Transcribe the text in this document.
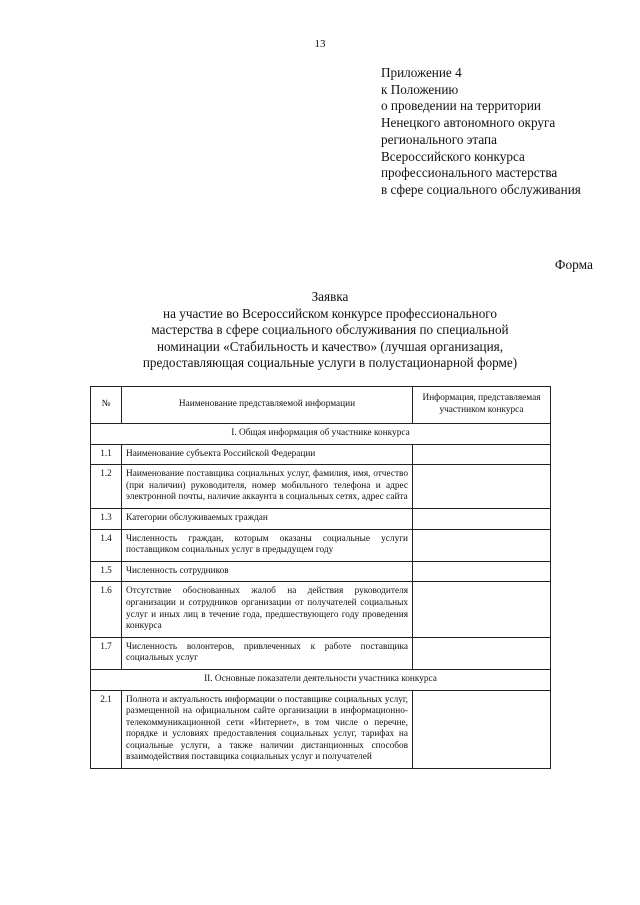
13
Приложение 4
к Положению
о проведении на территории
Ненецкого автономного округа
регионального этапа
Всероссийского конкурса
профессионального мастерства
в сфере социального обслуживания
Форма
Заявка
на участие во Всероссийском конкурсе профессионального
мастерства в сфере социального обслуживания по специальной
номинации «Стабильность и качество» (лучшая организация,
предоставляющая социальные услуги в полустационарной форме)
№	Наименование представляемой информации	Информация, представляемая участником конкурса
I. Общая информация об участнике конкурса		
1.1	Наименование субъекта Российской Федерации	
1.2	Наименование поставщика социальных услуг, фамилия, имя, отчество (при наличии) руководителя, номер мобильного телефона и адрес электронной почты, наличие аккаунта в социальных сетях, адрес сайта	
1.3	Категории обслуживаемых граждан	
1.4	Численность граждан, которым оказаны социальные услуги поставщиком социальных услуг в предыдущем году	
1.5	Численность сотрудников	
1.6	Отсутствие обоснованных жалоб на действия руководителя организации и сотрудников организации от получателей социальных услуг и иных лиц в течение года, предшествующего году проведения конкурса	
1.7	Численность волонтеров, привлеченных к работе поставщика социальных услуг	
II. Основные показатели деятельности участника конкурса		
2.1	Полнота и актуальность информации о поставщике социальных услуг, размещенной на официальном сайте организации в информационно-телекоммуникационной сети «Интернет», в том числе о перечне, порядке и условиях предоставления социальных услуг, тарифах на социальные услуги, а также наличии дистанционных способов взаимодействия поставщика социальных услуг и получателей	
